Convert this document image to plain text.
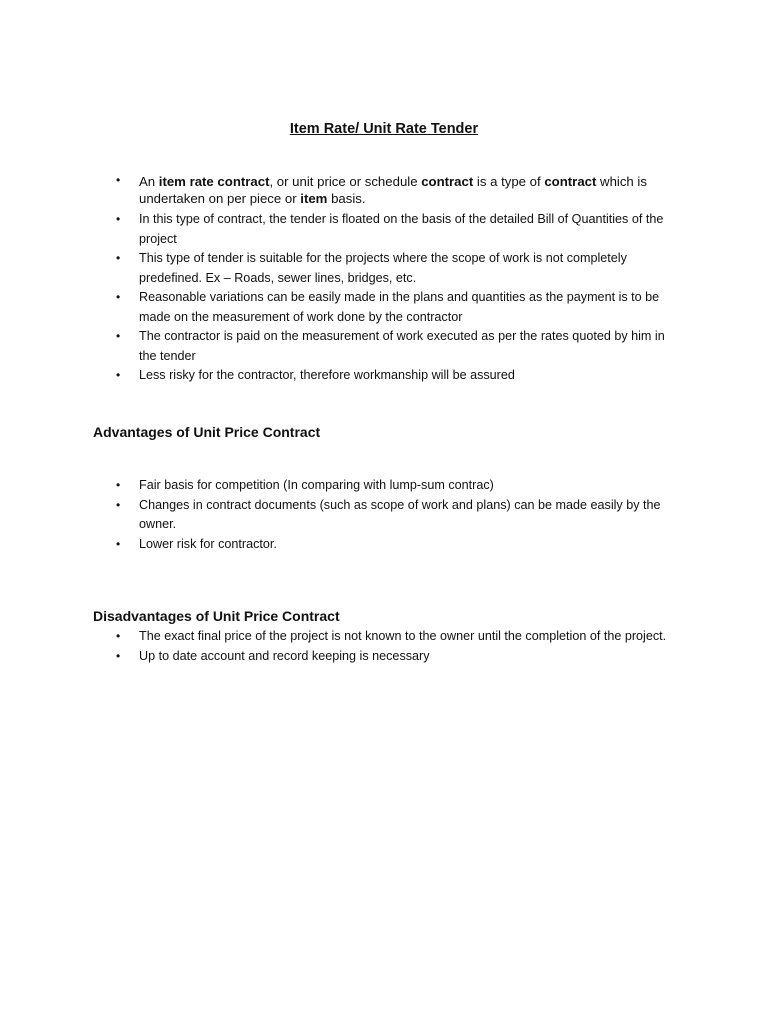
Item Rate/ Unit Rate Tender
• An item rate contract, or unit price or schedule contract is a type of contract which is undertaken on per piece or item basis.
• In this type of contract, the tender is floated on the basis of the detailed Bill of Quantities of the project
• This type of tender is suitable for the projects where the scope of work is not completely predefined. Ex – Roads, sewer lines, bridges, etc.
• Reasonable variations can be easily made in the plans and quantities as the payment is to be made on the measurement of work done by the contractor
• The contractor is paid on the measurement of work executed as per the rates quoted by him in the tender
• Less risky for the contractor, therefore workmanship will be assured
Advantages of Unit Price Contract
• Fair basis for competition (In comparing with lump-sum contrac)
• Changes in contract documents (such as scope of work and plans) can be made easily by the owner.
• Lower risk for contractor.
Disadvantages of Unit Price Contract
• The exact final price of the project is not known to the owner until the completion of the project.
• Up to date account and record keeping is necessary
